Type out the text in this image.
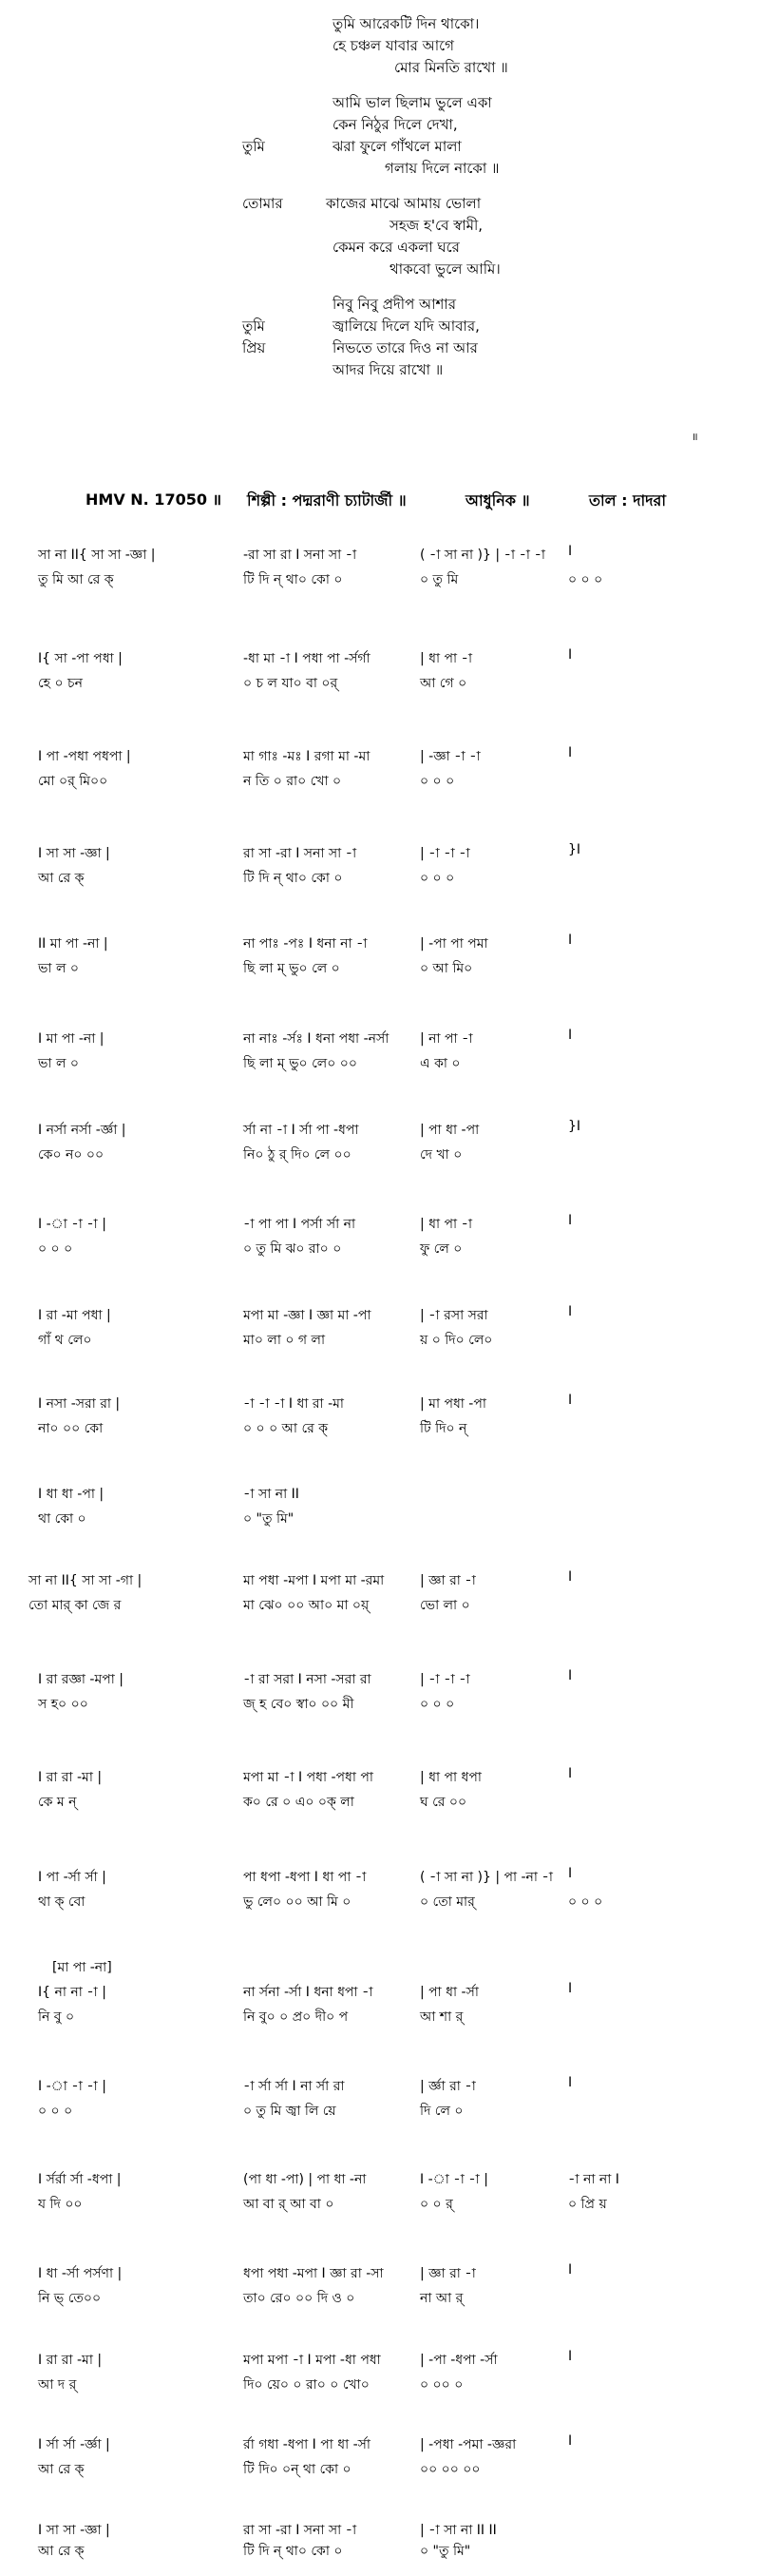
তুমি আরেকটি দিন থাকো।
হে চঞ্চল যাবার আগে
মোর মিনতি রাখো ॥
আমি ভাল ছিলাম ভুলে একা
কেন নিঠুর দিলে দেখা,
তুমি	ঝরা ফুলে গাঁথলে মালা
গলায় দিলে নাকো ॥
তোমার	কাজের মাঝে আমায় ভোলা
সহজ হ'বে স্বামী,
কেমন করে একলা ঘরে
থাকবো ভুলে আমি।
নিবু নিবু প্রদীপ আশার
তুমি	জ্বালিয়ে দিলে যদি আবার,
প্রিয়	নিভতে তারে দিও না আর
আদর দিয়ে রাখো ॥
HMV N. 17050 ॥ শিল্পী : পদ্মরাণী চ্যাটার্জী ॥	আধুনিক ॥	তাল : দাদরা
॥
সা না II{ সা সা -জ্ঞা |	-রা সা রা I সনা সা -া	( -া সা না )} | -া -া -া I
তু মি আ রে ক্	টি দি ন্ থা০ কো ০	০ তু মি	০ ০ ০
I{ সা -পা পধা |	-ধা মা -া I পধা পা -র্সর্গা	| ধা পা -া	I
হে ০ চন	০ চ ল যা০ বা ০র্	আ গে ০
I পা -পধা পধপা |	মা গাঃ -মঃ I রগা মা -মা	| -জ্ঞা -া -া	I
মো ০র্ মি০০	ন তি ০ রা০ খো ০	০ ০ ০
I সা সা -জ্ঞা |	রা সা -রা I সনা সা -া	| -া -া -া	}I
আ রে ক্	টি দি ন্ থা০ কো ০	০ ০ ০
II মা পা -না |	না পাঃ -পঃ I ধনা না -া	| -পা পা পমা	I
ভা ল ০	ছি লা ম্ ভু০ লে ০	০ আ মি০
I মা পা -না |	না নাঃ -র্সঃ I ধনা পধা -নর্সা | না পা -া	I
ভা ল ০	ছি লা ম্ ভু০ লে০ ০০	এ কা ০
I নর্সা নর্সা -র্জ্ঞা |	র্সা না -া I র্সা পা -ধপা	| পা ধা -পা	}I
কে০ ন০ ০০	নি০ ঠু র্ দি০ লে ০০	দে খা ০
I -া -া -া |	-া পা পা I পর্সা র্সা না	| ধা পা -া	I
০ ০ ০	০ তু মি ঝ০ রা০ ০	ফু লে ০
I রা -মা পধা |	মপা মা -জ্ঞা I জ্ঞা মা -পা	| -া রসা সরা	I
গাঁ থ লে০	মা০ লা ০ গ লা	য় ০ দি০ লে০
I নসা -সরা রা |	-া -া -া I ধা রা -মা	| মা পধা -পা	I
না০ ০০ কো	০ ০ ০ আ রে ক্	টি দি০ ন্
I ধা ধা -পা |	-া সা না II
থা কো ০	০ "তু মি"
সা না II{ সা সা -গা |	মা পধা -মপা I মপা মা -রমা	| জ্ঞা রা -া	I
তো মার্ কা জে র	মা ঝে০ ০০ আ০ মা ০য়্	ভো লা ০
I রা রজ্ঞা -মপা |	-া রা সরা I নসা -সরা রা	| -া -া -া	I
স হ০ ০০	জ্ হ বে০ স্বা০ ০০ মী	০ ০ ০
I রা রা -মা |	মপা মা -া I পধা -পধা পা	| ধা পা ধপা	I
কে ম ন্	ক০ রে ০ এ০ ০ক্ লা	ঘ রে ০০
I পা -র্সা র্সা |	পা ধপা -ধপা I ধা পা -া	( -া সা না )} | পা -না -া I
থা ক্ বো	ভু লে০ ০০ আ মি ০	০ তো মার্	০ ০ ০
[মা পা -না]
I{ না না -া |	না র্সনা -র্সা I ধনা ধপা -া	| পা ধা -র্সা	I
নি বু ০	নি বু০ ০ প্র০ দী০ প	আ শা র্
I -া -া -া |	-া র্সা র্সা I না র্সা রা	| র্জ্ঞা রা -া	I
০ ০ ০	০ তু মি জ্বা লি য়ে	দি লে ০
I র্সর্রা র্সা -ধপা |	(পা ধা -পা) | পা ধা -না	I -া -া -া |	-া না না I
য দি ০০	আ বা র্ আ বা ০	০ ০ র্	০ প্রি য়
I ধা -র্সা পর্সণা |	ধপা পধা -মপা I জ্ঞা রা -সা	| জ্ঞা রা -া	I
নি ভ্ তে০০	তা০ রে০ ০০ দি ও ০	না আ র্
I রা রা -মা |	মপা মপা -া I মপা -ধা পধা	| -পা -ধপা -র্সা	I
আ দ র্	দি০ য়ে০ ০ রা০ ০ খো০	০ ০০ ০
I র্সা র্সা -র্জ্ঞা |	র্রা গধা -ধপা I পা ধা -র্সা	| -পধা -পমা -জ্ঞরা	I
আ রে ক্	টি দি০ ০ন্ থা কো ০	০০ ০০ ০০
I সা সা -জ্ঞা |	রা সা -রা I সনা সা -া	| -া সা না II II
আ রে ক্	টি দি ন্ থা০ কো ০	০ "তু মি"
